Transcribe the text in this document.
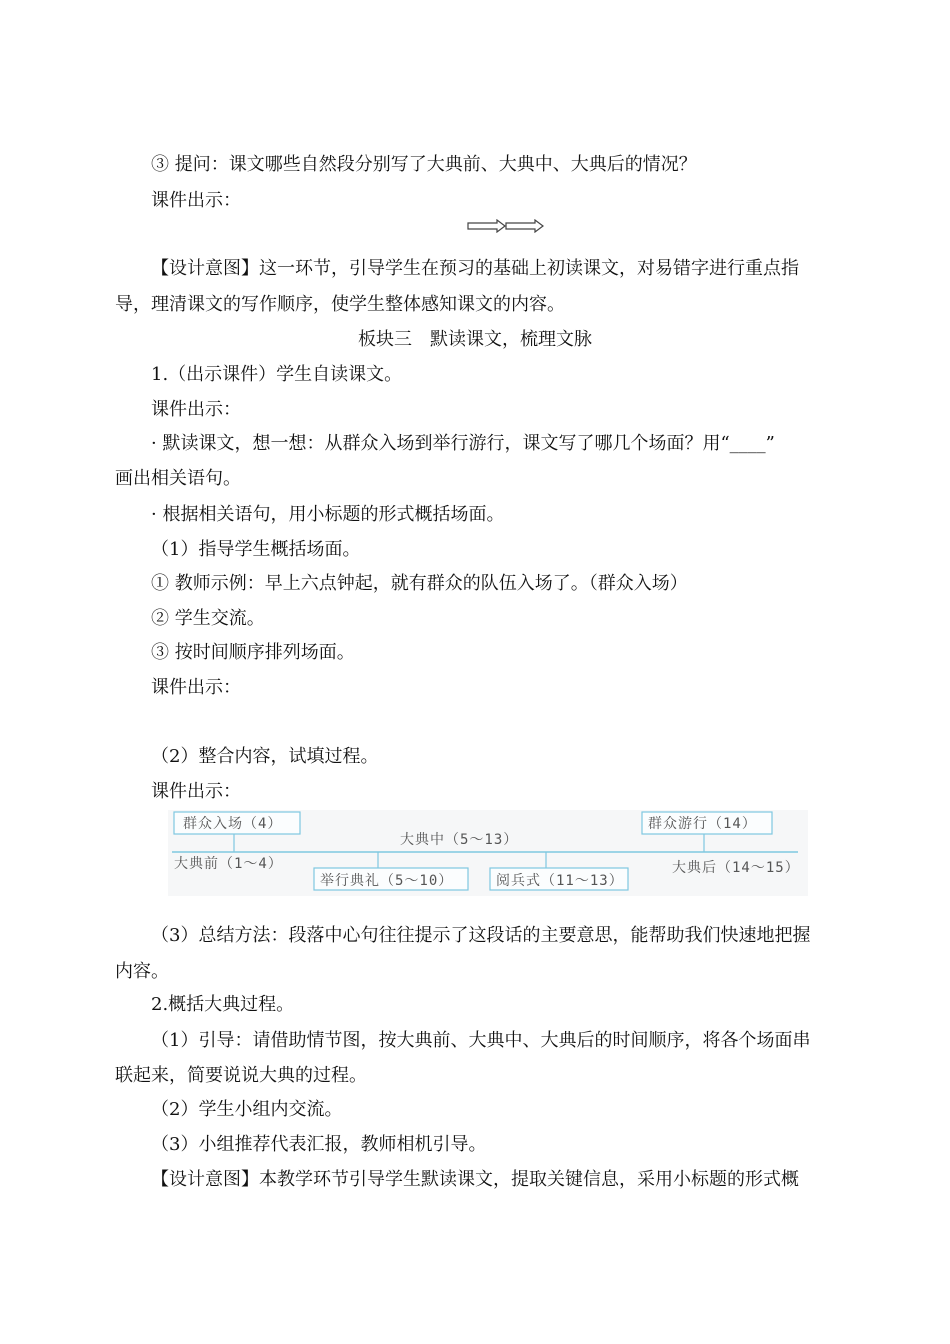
③ 提问：课文哪些自然段分别写了大典前、大典中、大典后的情况？
课件出示：
【设计意图】这一环节，引导学生在预习的基础上初读课文，对易错字进行重点指
导，理清课文的写作顺序，使学生整体感知课文的内容。
板块三　默读课文，梳理文脉
1.（出示课件）学生自读课文。
课件出示：
· 默读课文，想一想：从群众入场到举行游行，课文写了哪几个场面？用“____”
画出相关语句。
· 根据相关语句，用小标题的形式概括场面。
（1）指导学生概括场面。
① 教师示例：早上六点钟起，就有群众的队伍入场了。（群众入场）
② 学生交流。
③ 按时间顺序排列场面。
课件出示：
（2）整合内容，试填过程。
课件出示：
群众入场（4）	群众游行（14）
大典中（5～13）
大典前（1～4）
举行典礼（5～10）	阅兵式（11～13）
大典后（14～15）
（3）总结方法：段落中心句往往提示了这段话的主要意思，能帮助我们快速地把握
内容。
2.概括大典过程。
（1）引导：请借助情节图，按大典前、大典中、大典后的时间顺序，将各个场面串
联起来，简要说说大典的过程。
（2）学生小组内交流。
（3）小组推荐代表汇报，教师相机引导。
【设计意图】本教学环节引导学生默读课文，提取关键信息，采用小标题的形式概
